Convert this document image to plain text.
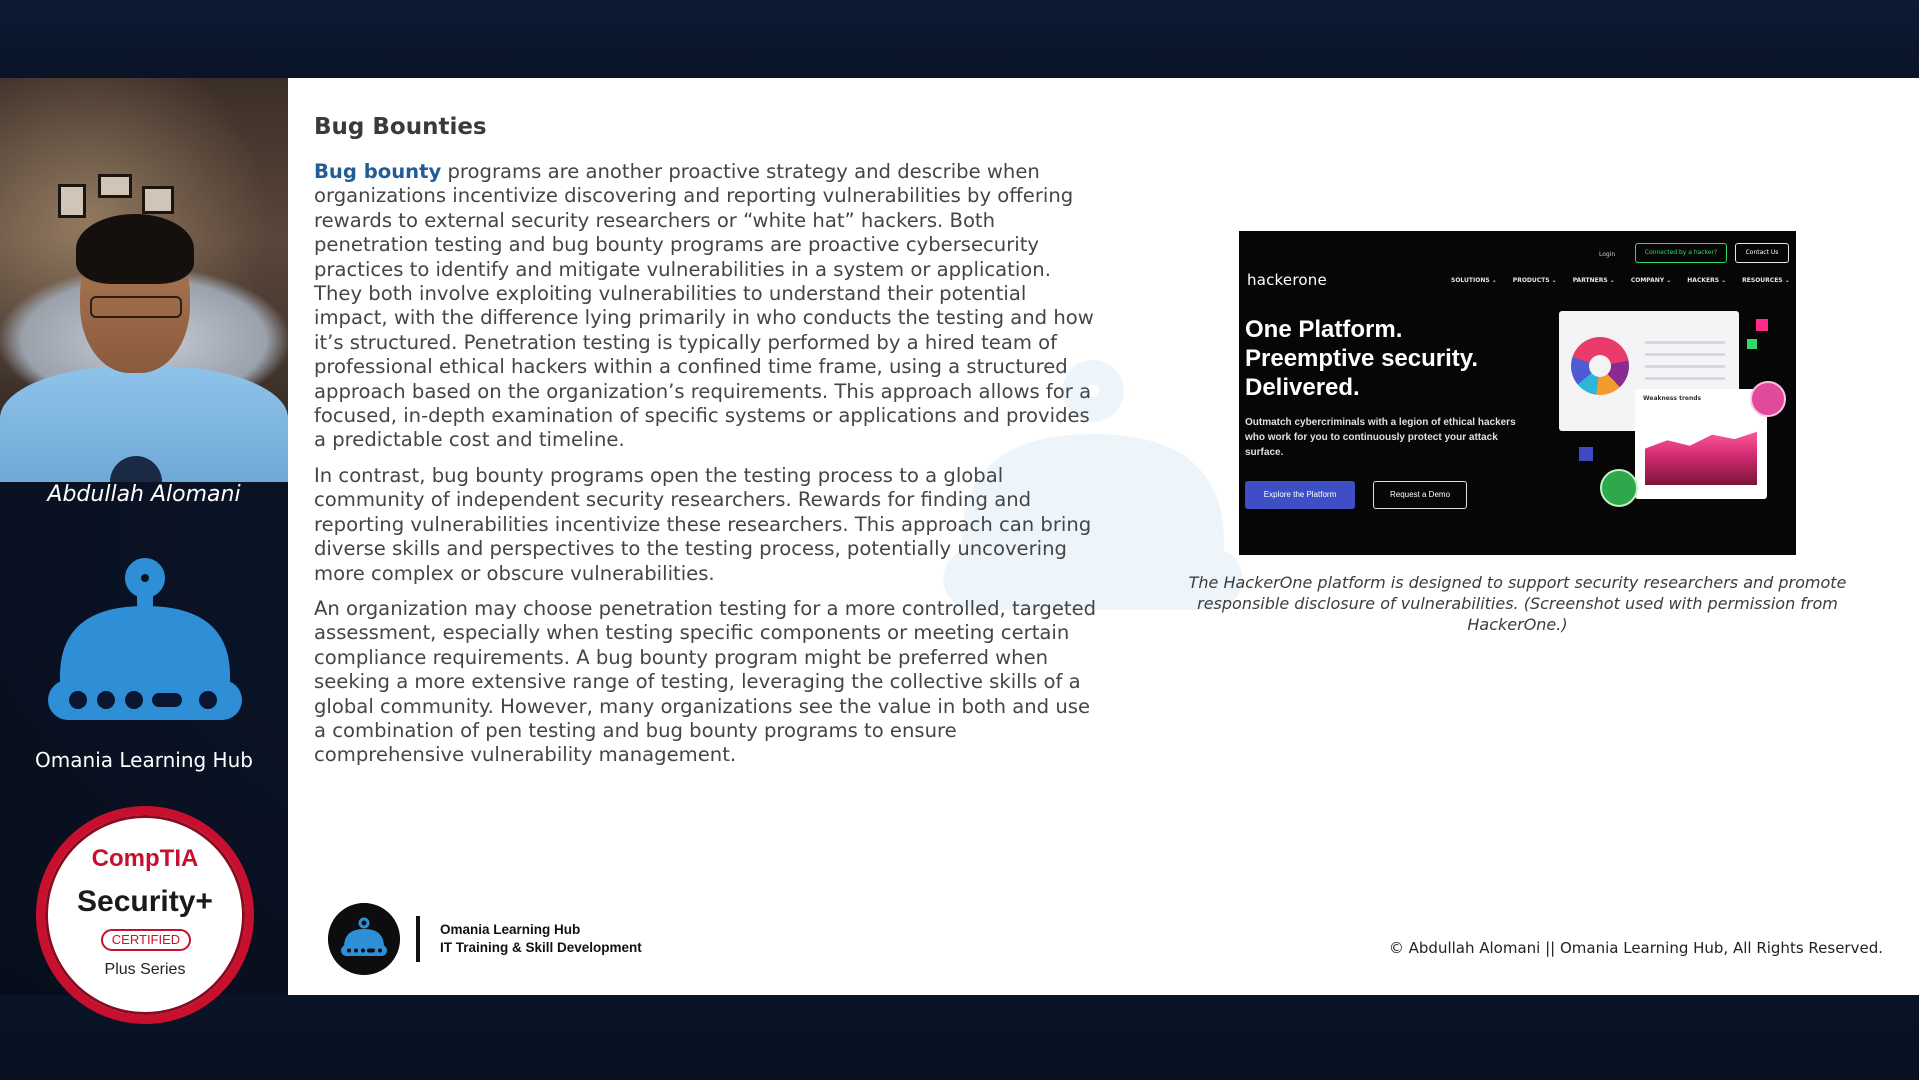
Abdullah Alomani
Omania Learning Hub
CompTIA
Security+
CERTIFIED
Plus Series
Bug Bounties

Bug bounty programs are another proactive strategy and describe when organizations incentivize discovering and reporting vulnerabilities by offering rewards to external security researchers or “white hat” hackers. Both penetration testing and bug bounty programs are proactive cybersecurity practices to identify and mitigate vulnerabilities in a system or application. They both involve exploiting vulnerabilities to understand their potential impact, with the difference lying primarily in who conducts the testing and how it’s structured. Penetration testing is typically performed by a hired team of professional ethical hackers within a confined time frame, using a structured approach based on the organization’s requirements. This approach allows for a focused, in-depth examination of specific systems or applications and provides a predictable cost and timeline.

In contrast, bug bounty programs open the testing process to a global community of independent security researchers. Rewards for finding and reporting vulnerabilities incentivize these researchers. This approach can bring diverse skills and perspectives to the testing process, potentially uncovering more complex or obscure vulnerabilities.

An organization may choose penetration testing for a more controlled, targeted assessment, especially when testing specific components or meeting certain compliance requirements. A bug bounty program might be preferred when seeking a more extensive range of testing, leveraging the collective skills of a global community. However, many organizations see the value in both and use a combination of pen testing and bug bounty programs to ensure comprehensive vulnerability management.

hackerone
Login	Connected by a hacker?	Contact Us
SOLUTIONS ⌄	PRODUCTS ⌄	PARTNERS ⌄	COMPANY ⌄	HACKERS ⌄	RESOURCES ⌄
One Platform. Preemptive security. Delivered.
Outmatch cybercriminals with a legion of ethical hackers who work for you to continuously protect your attack surface.
Explore the Platform	Request a Demo
Weakness trends
The HackerOne platform is designed to support security researchers and promote responsible disclosure of vulnerabilities. (Screenshot used with permission from HackerOne.)
Omania Learning Hub
IT Training & Skill Development	© Abdullah Alomani || Omania Learning Hub, All Rights Reserved.
